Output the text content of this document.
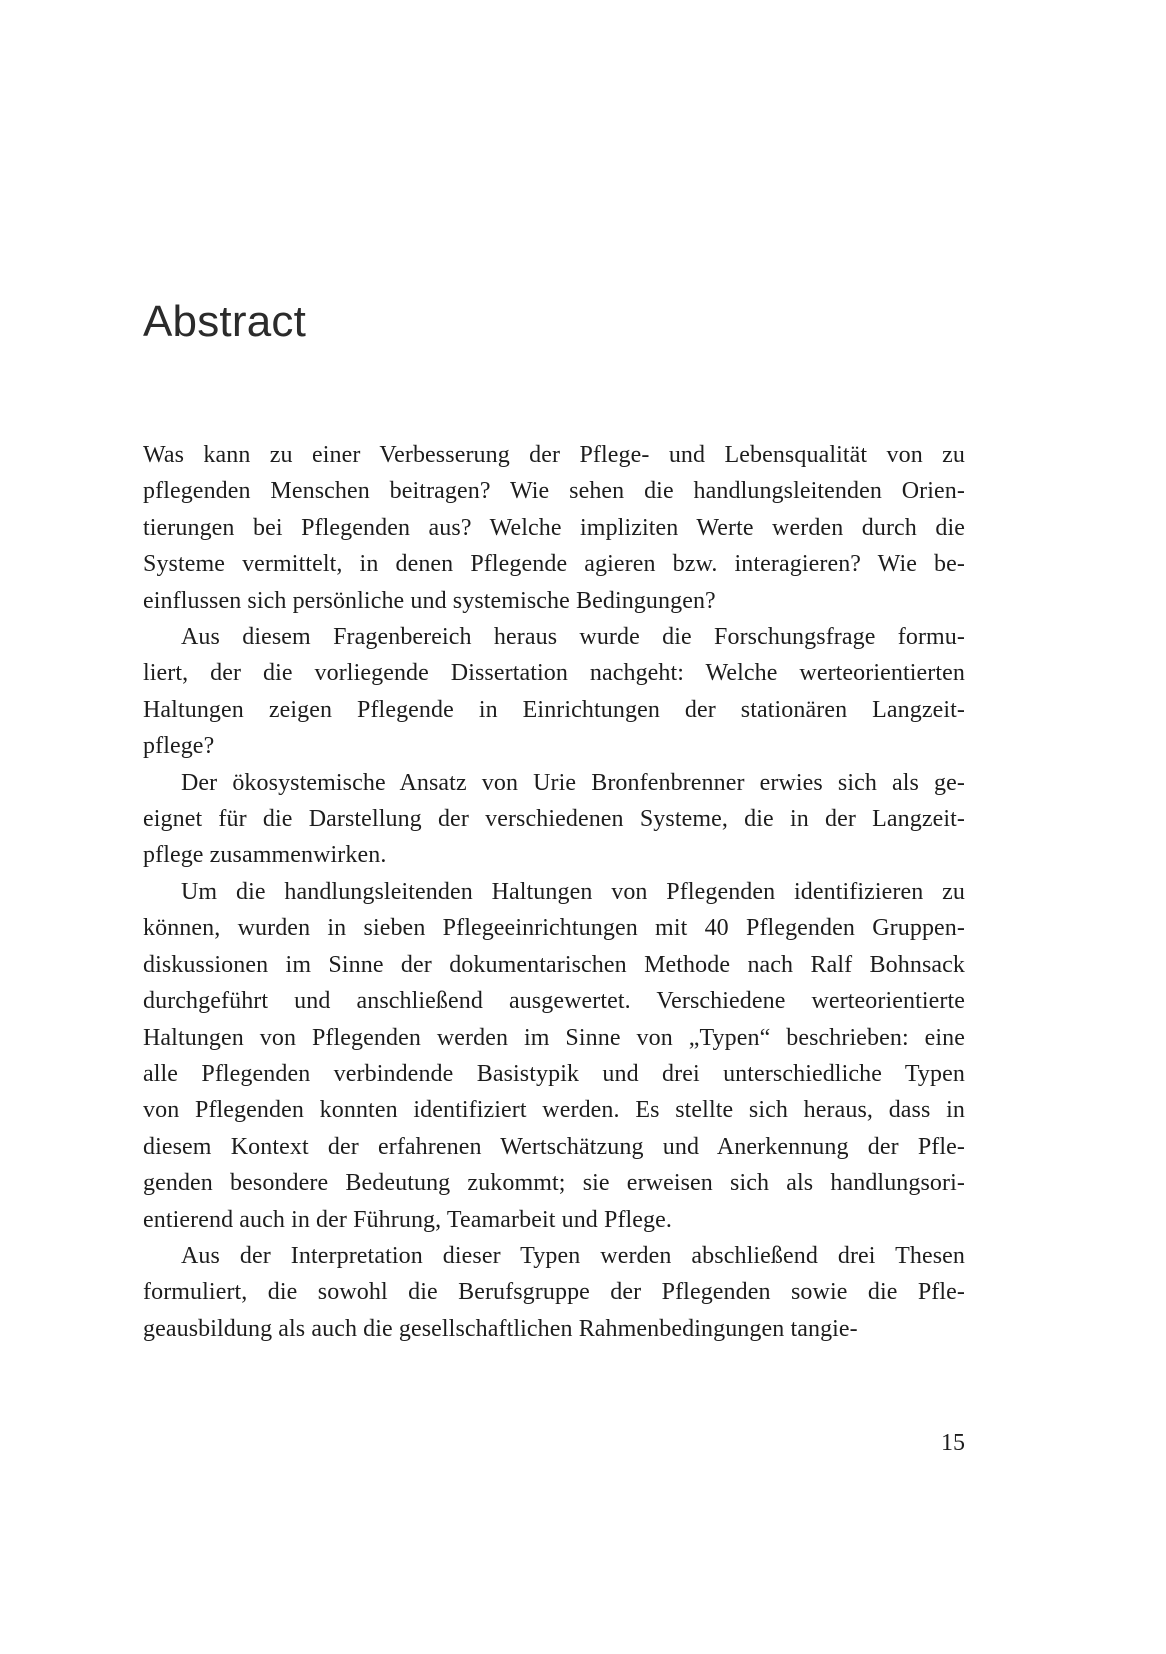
Abstract
Was kann zu einer Verbesserung der Pflege- und Lebensqualität von zu
pflegenden Menschen beitragen? Wie sehen die handlungsleitenden Orien-
tierungen bei Pflegenden aus? Welche impliziten Werte werden durch die
Systeme vermittelt, in denen Pflegende agieren bzw. interagieren? Wie be-
einflussen sich persönliche und systemische Bedingungen?
Aus diesem Fragenbereich heraus wurde die Forschungsfrage formu-
liert, der die vorliegende Dissertation nachgeht: Welche werteorientierten
Haltungen zeigen Pflegende in Einrichtungen der stationären Langzeit-
pflege?
Der ökosystemische Ansatz von Urie Bronfenbrenner erwies sich als ge-
eignet für die Darstellung der verschiedenen Systeme, die in der Langzeit-
pflege zusammenwirken.
Um die handlungsleitenden Haltungen von Pflegenden identifizieren zu
können, wurden in sieben Pflegeeinrichtungen mit 40 Pflegenden Gruppen-
diskussionen im Sinne der dokumentarischen Methode nach Ralf Bohnsack
durchgeführt und anschließend ausgewertet. Verschiedene werteorientierte
Haltungen von Pflegenden werden im Sinne von „Typen“ beschrieben: eine
alle Pflegenden verbindende Basistypik und drei unterschiedliche Typen
von Pflegenden konnten identifiziert werden. Es stellte sich heraus, dass in
diesem Kontext der erfahrenen Wertschätzung und Anerkennung der Pfle-
genden besondere Bedeutung zukommt; sie erweisen sich als handlungsori-
entierend auch in der Führung, Teamarbeit und Pflege.
Aus der Interpretation dieser Typen werden abschließend drei Thesen
formuliert, die sowohl die Berufsgruppe der Pflegenden sowie die Pfle-
geausbildung als auch die gesellschaftlichen Rahmenbedingungen tangie-
15
